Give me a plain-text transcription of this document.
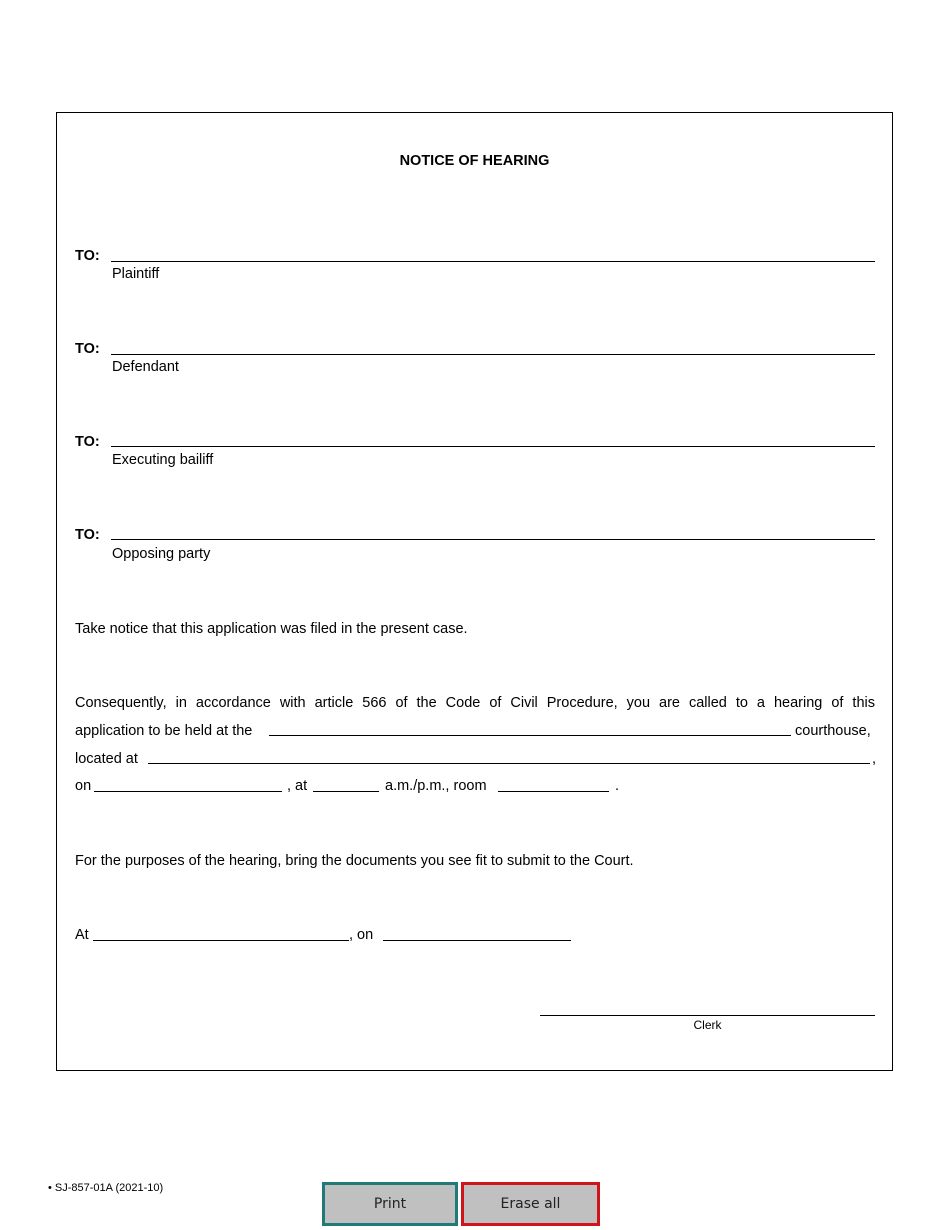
NOTICE OF HEARING
TO:
Plaintiff
TO:
Defendant
TO:
Executing bailiff
TO:
Opposing party
Take notice that this application was filed in the present case.
Consequently, in accordance with article 566 of the Code of Civil Procedure, you are called to a hearing of this
application to be held at the	courthouse,
located at	,
on	, at	a.m./p.m., room	.
For the purposes of the hearing, bring the documents you see fit to submit to the Court.
At	, on
Clerk
• SJ-857-01A (2021-10)
Print	Erase all
